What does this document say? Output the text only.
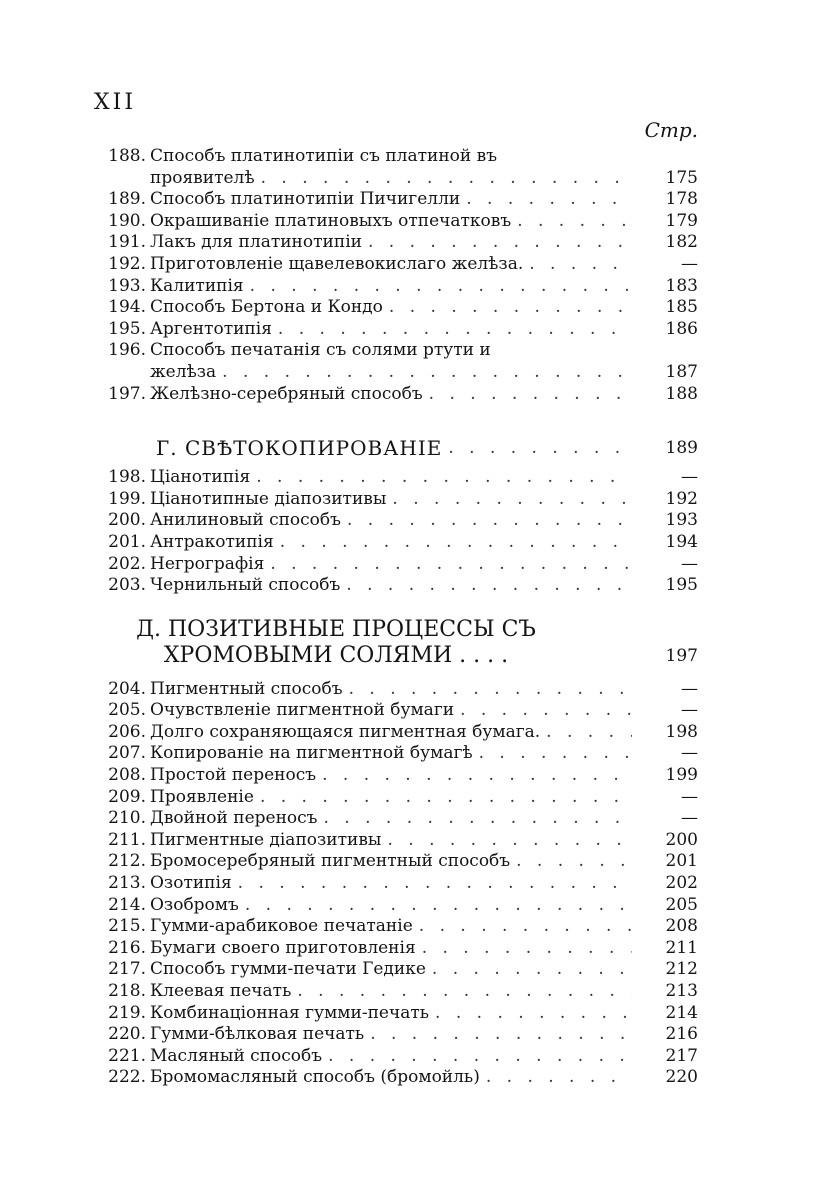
XII
Стр.
188. Способъ платинотипіи съ платиной въ
проявителѣ . . .	175
189. Способъ платинотипіи Пичигелли . . .	178
190. Окрашиваніе платиновыхъ отпечатковъ . . .	179
191. Лакъ для платинотипіи . . .	182
192. Приготовленіе щавелевокислаго желѣза. . . .	—
193. Калитипія . . .	183
194. Способъ Бертона и Кондо . . .	185
195. Аргентотипія . . .	186
196. Способъ печатанія съ солями ртути и
желѣза . . .	187
197. Желѣзно-серебряный способъ . . .	188
Г. СВѢТОКОПИРОВАНІЕ . . .	189
198. Ціанотипія . . .	—
199. Ціанотипные діапозитивы . . .	192
200. Анилиновый способъ . . .	193
201. Антракотипія . . .	194
202. Негрографія . . .	—
203. Чернильный способъ . . .	195
Д. ПОЗИТИВНЫЕ ПРОЦЕССЫ СЪ
ХРОМОВЫМИ СОЛЯМИ . . . .	197
204. Пигментный способъ . . .	—
205. Очувствленіе пигментной бумаги . . .	—
206. Долго сохраняющаяся пигментная бумага. . . .	198
207. Копированіе на пигментной бумагѣ . . .	—
208. Простой переносъ . . .	199
209. Проявленіе . . .	—
210. Двойной переносъ . . .	—
211. Пигментные діапозитивы . . .	200
212. Бромосеребряный пигментный способъ . . .	201
213. Озотипія . . .	202
214. Озобромъ . . .	205
215. Гумми-арабиковое печатаніе . . .	208
216. Бумаги своего приготовленія . . .	211
217. Способъ гумми-печати Гедике . . .	212
218. Клеевая печать . . .	213
219. Комбинаціонная гумми-печать . . .	214
220. Гумми-бѣлковая печать . . .	216
221. Масляный способъ . . .	217
222. Бромомасляный способъ (бромойль) . . .	220
